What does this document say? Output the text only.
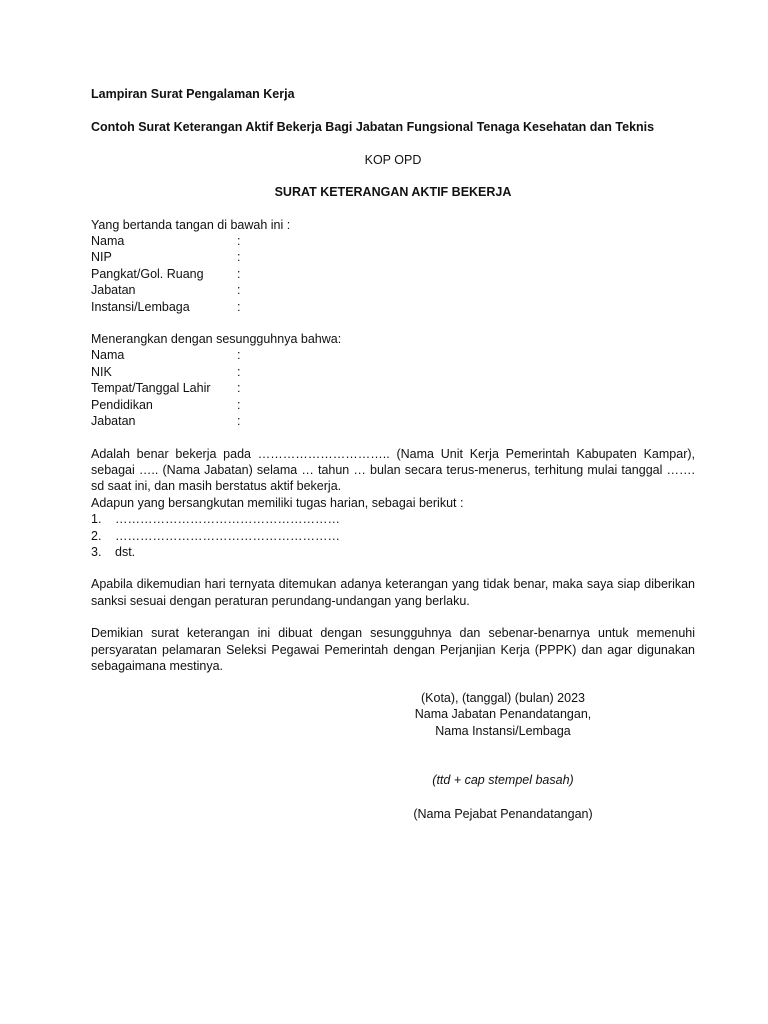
Lampiran Surat Pengalaman Kerja

Contoh Surat Keterangan Aktif Bekerja Bagi Jabatan Fungsional Tenaga Kesehatan dan Teknis

KOP OPD

SURAT KETERANGAN AKTIF BEKERJA

Yang bertanda tangan di bawah ini :

Nama	:
NIP	:
Pangkat/Gol. Ruang	:
Jabatan	:
Instansi/Lembaga	:

Menerangkan dengan sesungguhnya bahwa:

Nama	:
NIK	:
Tempat/Tanggal Lahir	:
Pendidikan	:
Jabatan	:

Adalah benar bekerja pada ………………………….. (Nama Unit Kerja Pemerintah Kabupaten Kampar), sebagai ….. (Nama Jabatan) selama … tahun … bulan secara terus-menerus, terhitung mulai tanggal ……. sd saat ini, dan masih berstatus aktif bekerja.

Adapun yang bersangkutan memiliki tugas harian, sebagai berikut :

1.	………………………………………………
2.	………………………………………………
3.	dst.

Apabila dikemudian hari ternyata ditemukan adanya keterangan yang tidak benar, maka saya siap diberikan sanksi sesuai dengan peraturan perundang-undangan yang berlaku.

Demikian surat keterangan ini dibuat dengan sesungguhnya dan sebenar-benarnya untuk memenuhi persyaratan pelamaran Seleksi Pegawai Pemerintah dengan Perjanjian Kerja (PPPK) dan agar digunakan sebagaimana mestinya.

(Kota), (tanggal) (bulan) 2023

Nama Jabatan Penandatangan,

Nama Instansi/Lembaga

(ttd + cap stempel basah)

(Nama Pejabat Penandatangan)
